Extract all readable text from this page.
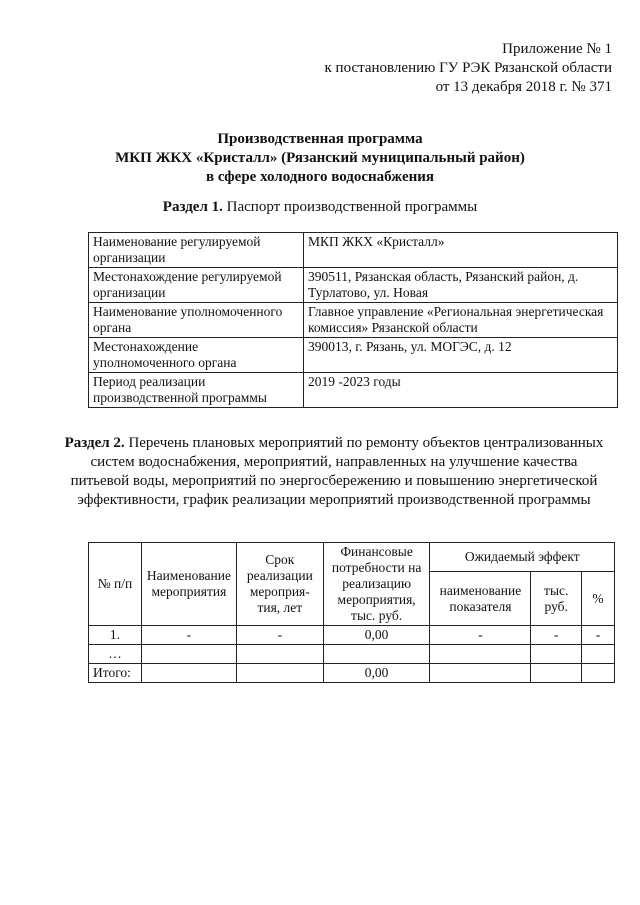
Приложение № 1
к постановлению ГУ РЭК Рязанской области
от 13 декабря 2018 г. № 371
Производственная программа
МКП ЖКХ «Кристалл» (Рязанский муниципальный район)
в сфере холодного водоснабжения
Раздел 1. Паспорт производственной программы
Наименование регулируемой организации	МКП ЖКХ «Кристалл»
Местонахождение регулируемой организации	390511, Рязанская область, Рязанский район, д. Турлатово, ул. Новая
Наименование уполномоченного органа	Главное управление «Региональная энергетическая комиссия» Рязанской области
Местонахождение уполномоченного органа	390013, г. Рязань, ул. МОГЭС, д. 12
Период реализации производственной программы	2019 -2023 годы
Раздел 2. Перечень плановых мероприятий по ремонту объектов централизованных систем водоснабжения, мероприятий, направленных на улучшение качества питьевой воды, мероприятий по энергосбережению и повышению энергетической эффективности, график реализации мероприятий производственной программы
№ п/п	Наименование мероприятия	Срок реализации мероприя-тия, лет	Финансовые потребности на реализацию мероприятия, тыс. руб.	Ожидаемый эффект		
				наименование показателя	тыс. руб.	%
1.	-	-	0,00	-	-	-
…						
Итого:			0,00			
